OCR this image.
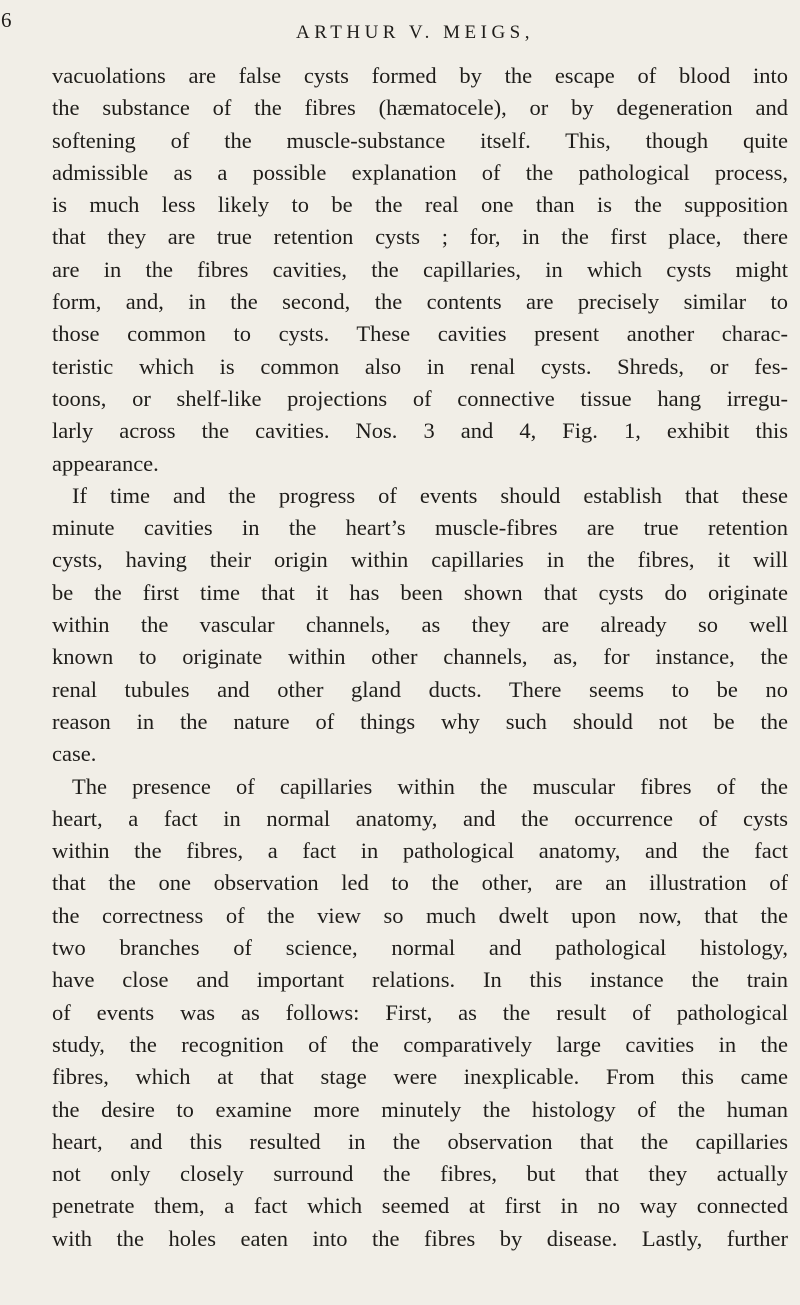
6
ARTHUR V. MEIGS,
vacuolations are false cysts formed by the escape of blood into
the substance of the fibres (hæmatocele), or by degeneration and
softening of the muscle-substance itself. This, though quite
admissible as a possible explanation of the pathological process,
is much less likely to be the real one than is the supposition
that they are true retention cysts ; for, in the first place, there
are in the fibres cavities, the capillaries, in which cysts might
form, and, in the second, the contents are precisely similar to
those common to cysts. These cavities present another charac-
teristic which is common also in renal cysts. Shreds, or fes-
toons, or shelf-like projections of connective tissue hang irregu-
larly across the cavities. Nos. 3 and 4, Fig. 1, exhibit this
appearance.
If time and the progress of events should establish that these
minute cavities in the heart’s muscle-fibres are true retention
cysts, having their origin within capillaries in the fibres, it will
be the first time that it has been shown that cysts do originate
within the vascular channels, as they are already so well
known to originate within other channels, as, for instance, the
renal tubules and other gland ducts. There seems to be no
reason in the nature of things why such should not be the
case.
The presence of capillaries within the muscular fibres of the
heart, a fact in normal anatomy, and the occurrence of cysts
within the fibres, a fact in pathological anatomy, and the fact
that the one observation led to the other, are an illustration of
the correctness of the view so much dwelt upon now, that the
two branches of science, normal and pathological histology,
have close and important relations. In this instance the train
of events was as follows: First, as the result of pathological
study, the recognition of the comparatively large cavities in the
fibres, which at that stage were inexplicable. From this came
the desire to examine more minutely the histology of the human
heart, and this resulted in the observation that the capillaries
not only closely surround the fibres, but that they actually
penetrate them, a fact which seemed at first in no way connected
with the holes eaten into the fibres by disease. Lastly, further
